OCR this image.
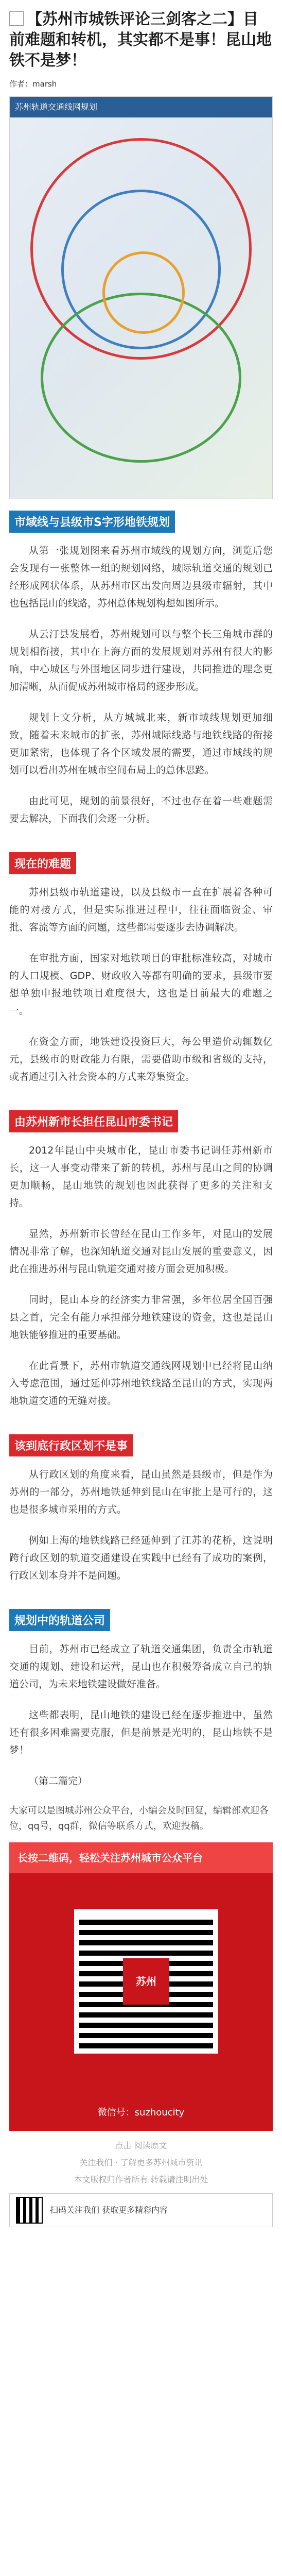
【苏州市城铁评论三剑客之二】目前难题和转机，其实都不是事！昆山地铁不是梦！
作者：marsh
苏州轨道交通线网规划
市域线与县级市S字形地铁规划
从第一张规划图来看苏州市域线的规划方向，浏览后您会发现有一张整体一组的规划网络，城际轨道交通的规划已经形成网状体系，从苏州市区出发向周边县级市辐射，其中也包括昆山的线路，苏州总体规划构想如图所示。
从云汀县发展看，苏州规划可以与整个长三角城市群的规划相衔接，其中在上海方面的发展规划对苏州有很大的影响，中心城区与外围地区同步进行建设，共同推进的理念更加清晰，从而促成苏州城市格局的逐步形成。
规划上文分析，从方城城北来，新市域线规划更加细致，随着未来城市的扩张，苏州城际线路与地铁线路的衔接更加紧密，也体现了各个区域发展的需要，通过市域线的规划可以看出苏州在城市空间布局上的总体思路。
由此可见，规划的前景很好，不过也存在着一些难题需要去解决，下面我们会逐一分析。
现在的难题
苏州县级市轨道建设，以及县级市一直在扩展着各种可能的对接方式，但是实际推进过程中，往往面临资金、审批、客流等方面的问题，这些都需要逐步去协调解决。
在审批方面，国家对地铁项目的审批标准较高，对城市的人口规模、GDP、财政收入等都有明确的要求，县级市要想单独申报地铁项目难度很大，这也是目前最大的难题之一。
在资金方面，地铁建设投资巨大，每公里造价动辄数亿元，县级市的财政能力有限，需要借助市级和省级的支持，或者通过引入社会资本的方式来筹集资金。
由苏州新市长担任昆山市委书记
2012年昆山中央城市化，昆山市委书记调任苏州新市长，这一人事变动带来了新的转机，苏州与昆山之间的协调更加顺畅，昆山地铁的规划也因此获得了更多的关注和支持。
显然，苏州新市长曾经在昆山工作多年，对昆山的发展情况非常了解，也深知轨道交通对昆山发展的重要意义，因此在推进苏州与昆山轨道交通对接方面会更加积极。
同时，昆山本身的经济实力非常强，多年位居全国百强县之首，完全有能力承担部分地铁建设的资金，这也是昆山地铁能够推进的重要基础。
在此背景下，苏州市轨道交通线网规划中已经将昆山纳入考虑范围，通过延伸苏州地铁线路至昆山的方式，实现两地轨道交通的无缝对接。
该到底行政区划不是事
从行政区划的角度来看，昆山虽然是县级市，但是作为苏州的一部分，苏州地铁延伸到昆山在审批上是可行的，这也是很多城市采用的方式。
例如上海的地铁线路已经延伸到了江苏的花桥，这说明跨行政区划的轨道交通建设在实践中已经有了成功的案例，行政区划本身并不是问题。
规划中的轨道公司
目前，苏州市已经成立了轨道交通集团，负责全市轨道交通的规划、建设和运营，昆山也在积极筹备成立自己的轨道公司，为未来地铁建设做好准备。
这些都表明，昆山地铁的建设已经在逐步推进中，虽然还有很多困难需要克服，但是前景是光明的，昆山地铁不是梦！
（第二篇完）
大家可以是图城苏州公众平台，小编会及时回复，编辑部欢迎各位，qq号，qq群，微信等联系方式，欢迎投稿。
长按二维码，轻松关注苏州城市公众平台
苏州
微信号：suzhoucity
点击 阅读原文
关注我们 · 了解更多苏州城市资讯
本文版权归作者所有 转载请注明出处
扫码关注我们 获取更多精彩内容
